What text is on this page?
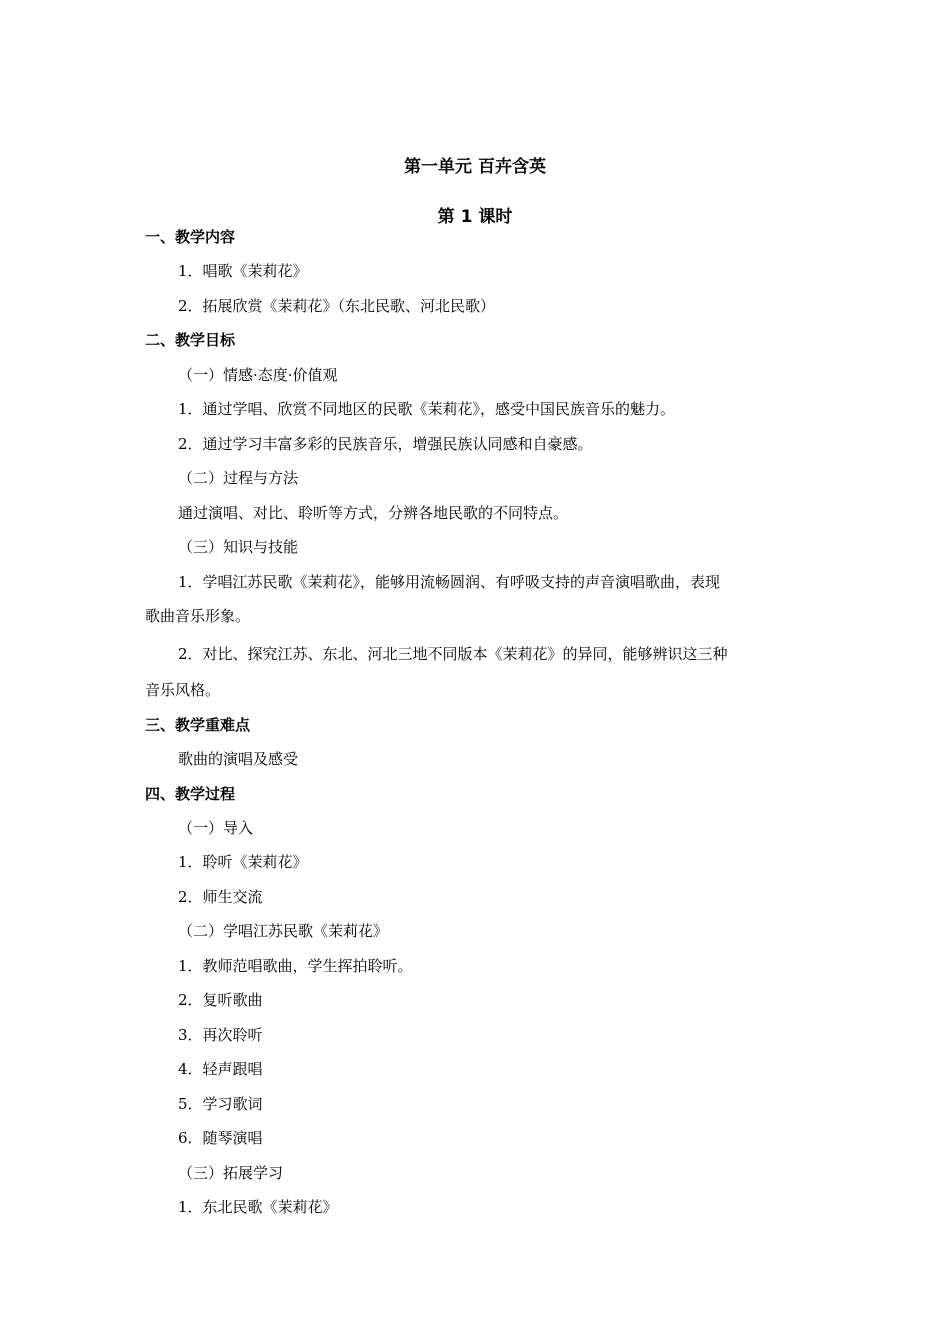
第一单元 百卉含英
第 1 课时
一、教学内容
1．唱歌《茉莉花》
2．拓展欣赏《茉莉花》（东北民歌、河北民歌）
二、教学目标
（一）情感·态度·价值观
1．通过学唱、欣赏不同地区的民歌《茉莉花》，感受中国民族音乐的魅力。
2．通过学习丰富多彩的民族音乐，增强民族认同感和自豪感。
（二）过程与方法
通过演唱、对比、聆听等方式，分辨各地民歌的不同特点。
（三）知识与技能
1．学唱江苏民歌《茉莉花》，能够用流畅圆润、有呼吸支持的声音演唱歌曲，表现
歌曲音乐形象。
2．对比、探究江苏、东北、河北三地不同版本《茉莉花》的异同，能够辨识这三种
音乐风格。
三、教学重难点
歌曲的演唱及感受
四、教学过程
（一）导入
1．聆听《茉莉花》
2．师生交流
（二）学唱江苏民歌《茉莉花》
1．教师范唱歌曲，学生挥拍聆听。
2．复听歌曲
3．再次聆听
4．轻声跟唱
5．学习歌词
6．随琴演唱
（三）拓展学习
1．东北民歌《茉莉花》
